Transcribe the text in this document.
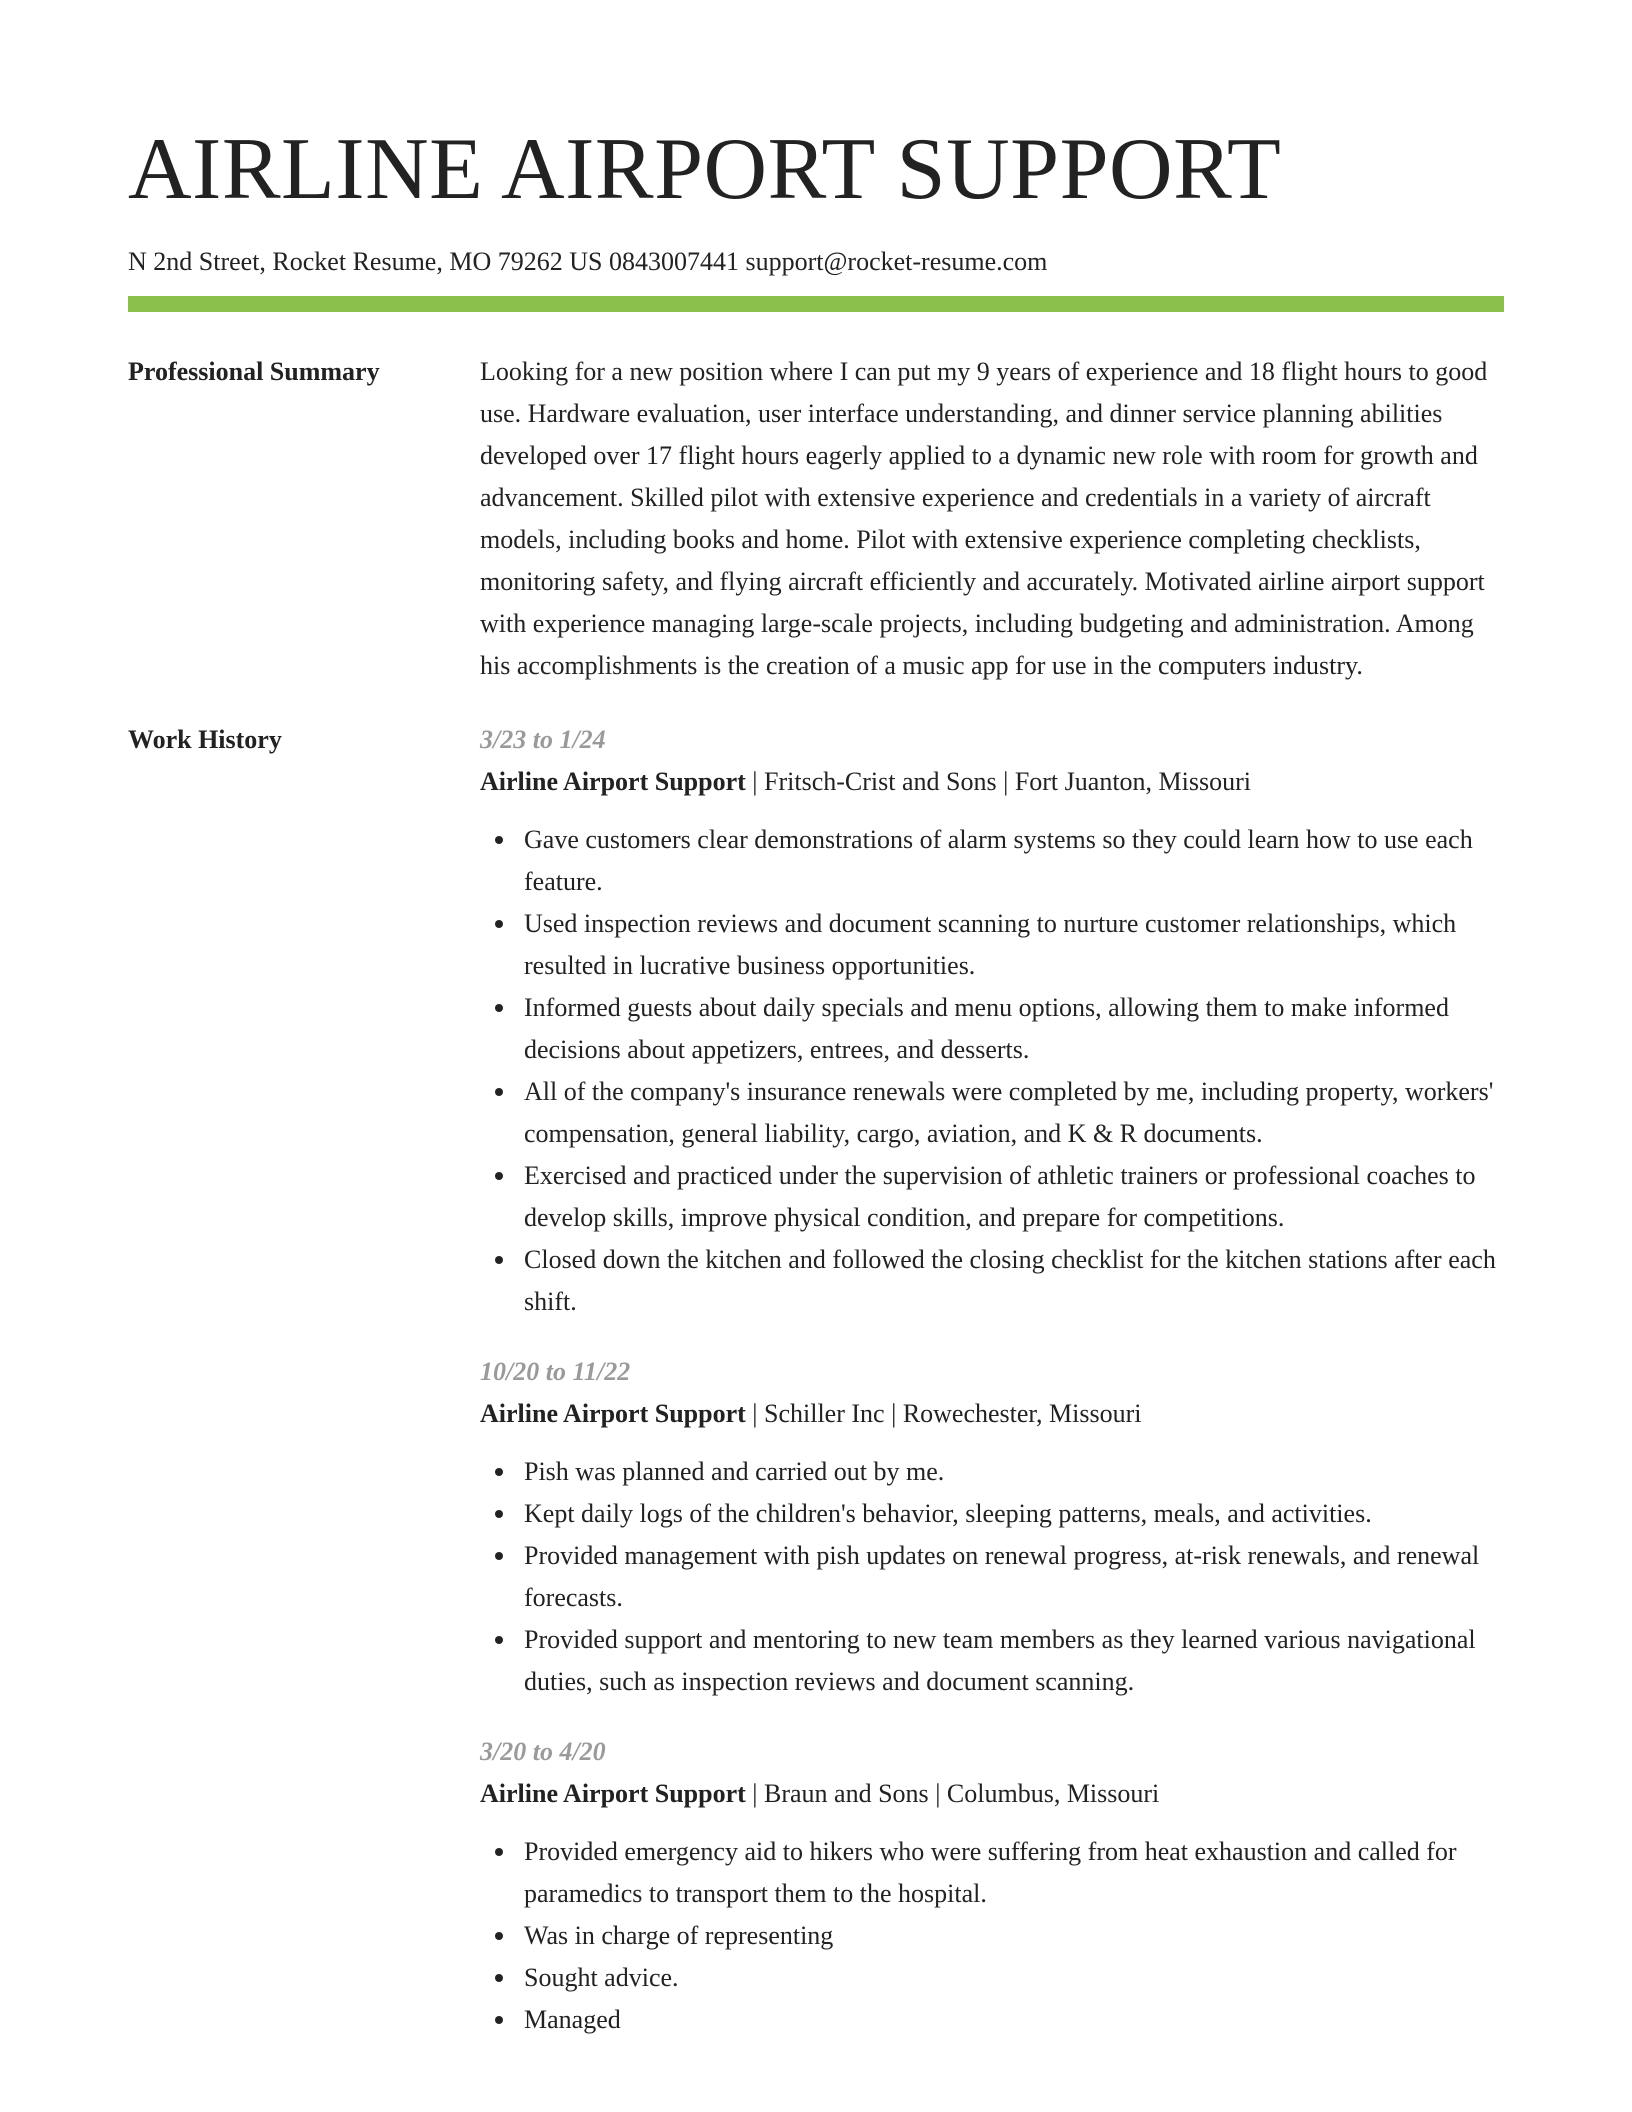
AIRLINE AIRPORT SUPPORT
N 2nd Street, Rocket Resume, MO 79262 US 0843007441 support@rocket-resume.com
Professional Summary	Looking for a new position where I can put my 9 years of experience and 18 flight hours to good use. Hardware evaluation, user interface understanding, and dinner service planning abilities developed over 17 flight hours eagerly applied to a dynamic new role with room for growth and advancement. Skilled pilot with extensive experience and credentials in a variety of aircraft models, including books and home. Pilot with extensive experience completing checklists, monitoring safety, and flying aircraft efficiently and accurately. Motivated airline airport support with experience managing large-scale projects, including budgeting and administration. Among his accomplishments is the creation of a music app for use in the computers industry.
Work History	3/23 to 1/24
Airline Airport Support | Fritsch-Crist and Sons | Fort Juanton, Missouri
Gave customers clear demonstrations of alarm systems so they could learn how to use each feature.
Used inspection reviews and document scanning to nurture customer relationships, which resulted in lucrative business opportunities.
Informed guests about daily specials and menu options, allowing them to make informed decisions about appetizers, entrees, and desserts.
All of the company's insurance renewals were completed by me, including property, workers' compensation, general liability, cargo, aviation, and K & R documents.
Exercised and practiced under the supervision of athletic trainers or professional coaches to develop skills, improve physical condition, and prepare for competitions.
Closed down the kitchen and followed the closing checklist for the kitchen stations after each shift.
10/20 to 11/22
Airline Airport Support | Schiller Inc | Rowechester, Missouri
Pish was planned and carried out by me.
Kept daily logs of the children's behavior, sleeping patterns, meals, and activities.
Provided management with pish updates on renewal progress, at-risk renewals, and renewal forecasts.
Provided support and mentoring to new team members as they learned various navigational duties, such as inspection reviews and document scanning.
3/20 to 4/20
Airline Airport Support | Braun and Sons | Columbus, Missouri
Provided emergency aid to hikers who were suffering from heat exhaustion and called for paramedics to transport them to the hospital.
Was in charge of representing
Sought advice.
Managed
